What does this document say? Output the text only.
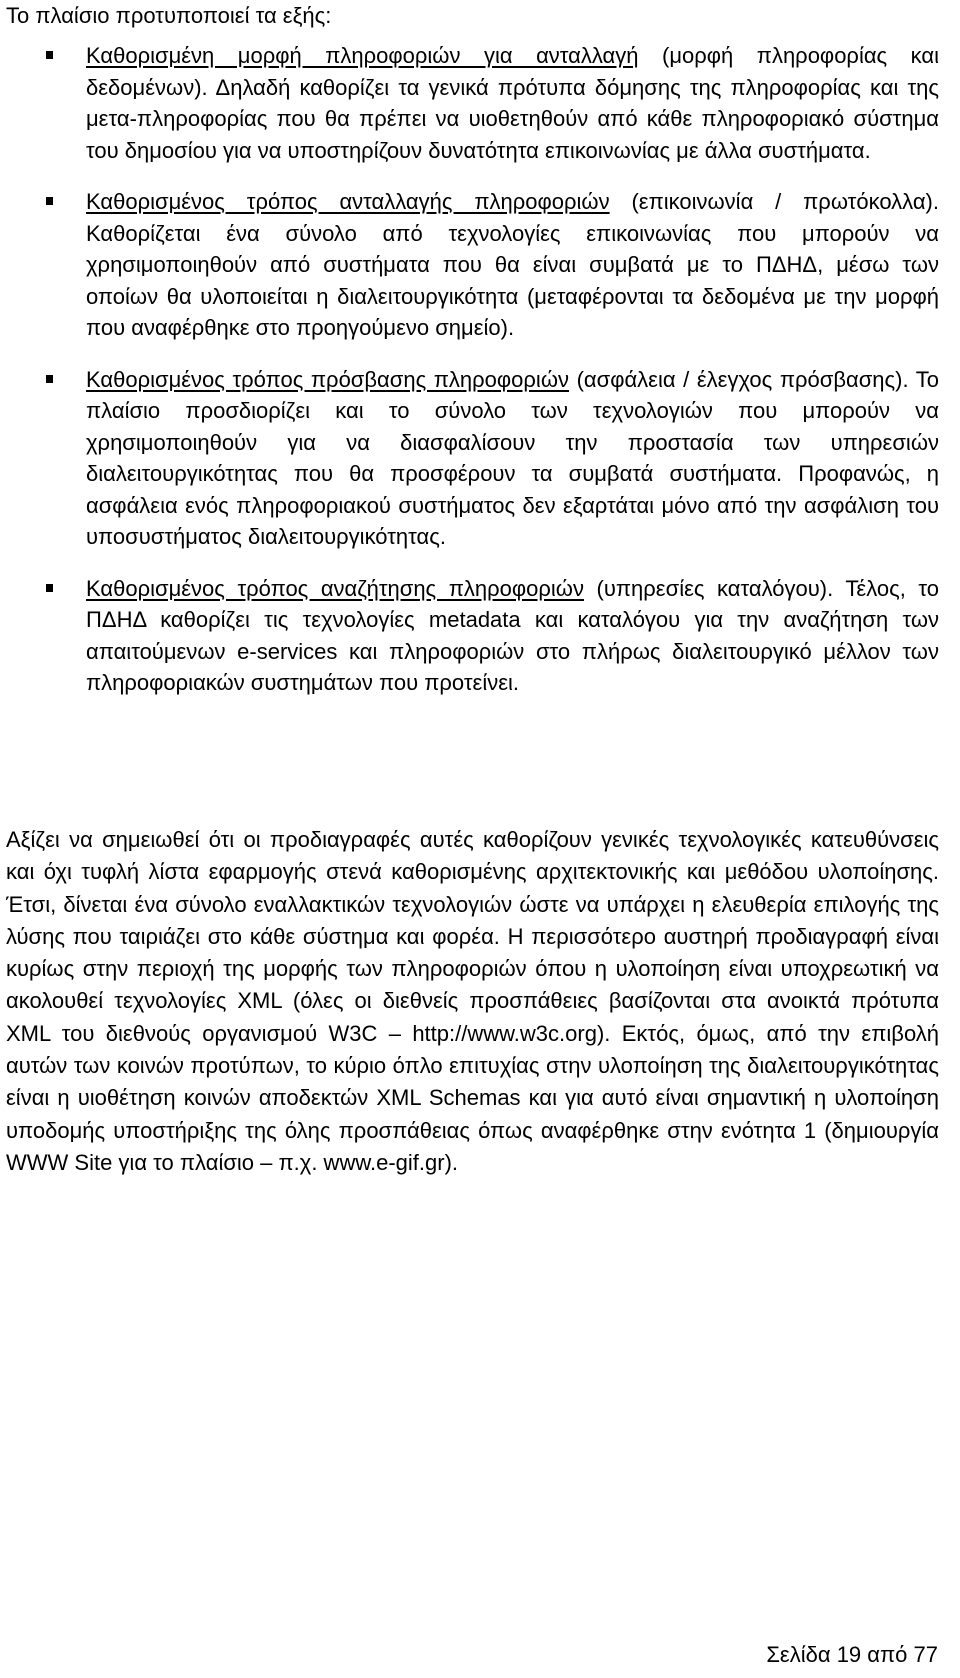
Το πλαίσιο προτυποποιεί τα εξής:

Καθορισμένη μορφή πληροφοριών για ανταλλαγή (μορφή πληροφορίας και δεδομένων). Δηλαδή καθορίζει τα γενικά πρότυπα δόμησης της πληροφορίας και της μετα-πληροφορίας που θα πρέπει να υιοθετηθούν από κάθε πληροφοριακό σύστημα του δημοσίου για να υποστηρίζουν δυνατότητα επικοινωνίας με άλλα συστήματα.
Καθορισμένος τρόπος ανταλλαγής πληροφοριών (επικοινωνία / πρωτόκολλα). Καθορίζεται ένα σύνολο από τεχνολογίες επικοινωνίας που μπορούν να χρησιμοποιηθούν από συστήματα που θα είναι συμβατά με το ΠΔΗΔ, μέσω των οποίων θα υλοποιείται η διαλειτουργικότητα (μεταφέρονται τα δεδομένα με την μορφή που αναφέρθηκε στο προηγούμενο σημείο).
Καθορισμένος τρόπος πρόσβασης πληροφοριών (ασφάλεια / έλεγχος πρόσβασης). Το πλαίσιο προσδιορίζει και το σύνολο των τεχνολογιών που μπορούν να χρησιμοποιηθούν για να διασφαλίσουν την προστασία των υπηρεσιών διαλειτουργικότητας που θα προσφέρουν τα συμβατά συστήματα. Προφανώς, η ασφάλεια ενός πληροφοριακού συστήματος δεν εξαρτάται μόνο από την ασφάλιση του υποσυστήματος διαλειτουργικότητας.
Καθορισμένος τρόπος αναζήτησης πληροφοριών (υπηρεσίες καταλόγου). Τέλος, το ΠΔΗΔ καθορίζει τις τεχνολογίες metadata και καταλόγου για την αναζήτηση των απαιτούμενων e-services και πληροφοριών στο πλήρως διαλειτουργικό μέλλον των πληροφοριακών συστημάτων που προτείνει.

Αξίζει να σημειωθεί ότι οι προδιαγραφές αυτές καθορίζουν γενικές τεχνολογικές κατευθύνσεις και όχι τυφλή λίστα εφαρμογής στενά καθορισμένης αρχιτεκτονικής και μεθόδου υλοποίησης. Έτσι, δίνεται ένα σύνολο εναλλακτικών τεχνολογιών ώστε να υπάρχει η ελευθερία επιλογής της λύσης που ταιριάζει στο κάθε σύστημα και φορέα. Η περισσότερο αυστηρή προδιαγραφή είναι κυρίως στην περιοχή της μορφής των πληροφοριών όπου η υλοποίηση είναι υποχρεωτική να ακολουθεί τεχνολογίες XML (όλες οι διεθνείς προσπάθειες βασίζονται στα ανοικτά πρότυπα XML του διεθνούς οργανισμού W3C – http://www.w3c.org). Εκτός, όμως, από την επιβολή αυτών των κοινών προτύπων, το κύριο όπλο επιτυχίας στην υλοποίηση της διαλειτουργικότητας είναι η υιοθέτηση κοινών αποδεκτών XML Schemas και για αυτό είναι σημαντική η υλοποίηση υποδομής υποστήριξης της όλης προσπάθειας όπως αναφέρθηκε στην ενότητα 1 (δημιουργία WWW Site για το πλαίσιο – π.χ. www.e-gif.gr).

Σελίδα 19 από 77
